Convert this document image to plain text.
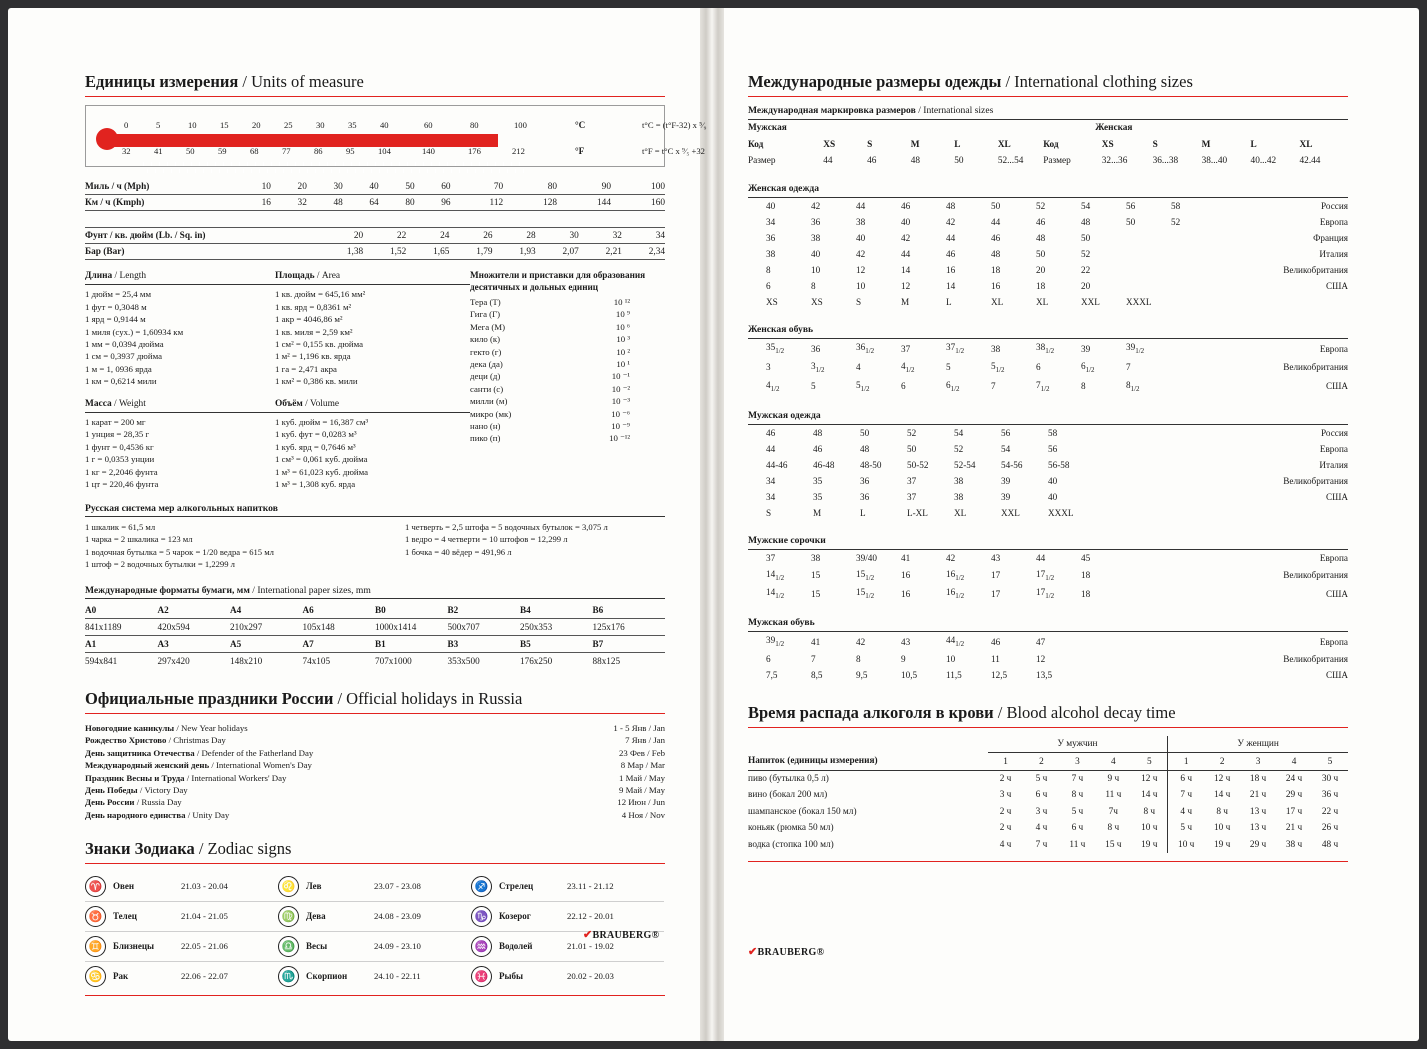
Единицы измерения / Units of measure
0	5	10	15	20	25	30	35	40	60	80	100
32	41	50	59	68	77	86	95	104	140	176	212
°C
°F
t°C = (t°F-32) x ⁵⁄₉
t°F = t°C x ⁹⁄₅ +32
Миль / ч (Mph)	10	20	30	40	50	60	70	80	90	100
Км / ч (Kmph)	16	32	48	64	80	96	112	128	144	160
Фунт / кв. дюйм (Lb. / Sq. in)	20	22	24	26	28	30	32	34
Бар (Bar)	1,38	1,52	1,65	1,79	1,93	2,07	2,21	2,34
Длина / Length
1 дюйм = 25,4 мм
1 фут = 0,3048 м
1 ярд = 0,9144 м
1 миля (сух.) = 1,60934 км
1 мм = 0,0394 дюйма
1 см = 0,3937 дюйма
1 м = 1, 0936 ярда
1 км = 0,6214 мили
Масса / Weight
1 карат = 200 мг
1 унция = 28,35 г
1 фунт = 0,4536 кг
1 г = 0,0353 унции
1 кг = 2,2046 фунта
1 цт = 220,46 фунта
Площадь / Area
1 кв. дюйм = 645,16 мм²
1 кв. ярд = 0,8361 м²
1 акр = 4046,86 м²
1 кв. миля = 2,59 км²
1 см² = 0,155 кв. дюйма
1 м² = 1,196 кв. ярда
1 га = 2,471 акра
1 км² = 0,386 кв. мили
Объём / Volume
1 куб. дюйм = 16,387 см³
1 куб. фут = 0,0283 м³
1 куб. ярд = 0,7646 м³
1 см³ = 0,061 куб. дюйма
1 м³ = 61,023 куб. дюйма
1 м³ = 1,308 куб. ярда
Множители и приставки для образования десятичных и дольных единиц
Тера (Т)	10 ¹²
Гига (Г)	10 ⁹
Мега (М)	10 ⁶
кило (к)	10 ³
гекто (г)	10 ²
дека (да)	10 ¹
деци (д)	10 ⁻¹
санти (с)	10 ⁻²
милли (м)	10 ⁻³
микро (мк)	10 ⁻⁶
нано (н)	10 ⁻⁹
пико (п)	10 ⁻¹²
Русская система мер алкогольных напитков
1 шкалик = 61,5 мл
1 чарка = 2 шкалика = 123 мл
1 водочная бутылка = 5 чарок = 1/20 ведра = 615 мл
1 штоф = 2 водочных бутылки = 1,2299 л
1 четверть = 2,5 штофа = 5 водочных бутылок = 3,075 л
1 ведро = 4 четверти = 10 штофов = 12,299 л
1 бочка = 40 вёдер = 491,96 л
Международные форматы бумаги, мм / International paper sizes, mm
A0	A2	A4	A6	B0	B2	B4	B6
841x1189	420x594	210x297	105x148	1000x1414	500x707	250x353	125x176
A1	A3	A5	A7	B1	B3	B5	B7
594x841	297x420	148x210	74x105	707x1000	353x500	176x250	88x125
Официальные праздники России / Official holidays in Russia
Новогодние каникулы / New Year holidays	1 - 5 Янв / Jan
Рождество Христово / Christmas Day	7 Янв / Jan
День защитника Отечества / Defender of the Fatherland Day	23 Фев / Feb
Международный женский день / International Women's Day	8 Мар / Mar
Праздник Весны и Труда / International Workers' Day	1 Май / May
День Победы / Victory Day	9 Май / May
День России / Russia Day	12 Июн / Jun
День народного единства / Unity Day	4 Ноя / Nov
Знаки Зодиака / Zodiac signs
♈	Овен	21.03 - 20.04
♉	Телец	21.04 - 21.05
♊	Близнецы	22.05 - 21.06
♋	Рак	22.06 - 22.07
♌	Лев	23.07 - 23.08
♍	Дева	24.08 - 23.09
♎	Весы	24.09 - 23.10
♏	Скорпион	24.10 - 22.11
♐	Стрелец	23.11 - 21.12
♑	Козерог	22.12 - 20.01
♒	Водолей	21.01 - 19.02
♓	Рыбы	20.02 - 20.03
✔BRAUBERG®
Международные размеры одежды / International clothing sizes
Международная маркировка размеров / International sizes
Мужская						Женская					
Код	XS	S	M	L	XL	Код	XS	S	M	L	XL
Размер	44	46	48	50	52...54	Размер	32...36	36...38	38...40	40...42	42.44
Женская одежда
	40	42	44	46	48	50	52	54	56	58	Россия
	34	36	38	40	42	44	46	48	50	52	Европа
	36	38	40	42	44	46	48	50			Франция
	38	40	42	44	46	48	50	52			Италия
	8	10	12	14	16	18	20	22			Великобритания
	6	8	10	12	14	16	18	20			США
	XS	XS	S	M	L	XL	XL	XXL	XXXL		
Женская обувь
	$35_{1/2}$	36	$36_{1/2}$	37	$37_{1/2}$	38	$38_{1/2}$	39	$39_{1/2}$	Европа
	3	$3_{1/2}$	4	$4_{1/2}$	5	$5_{1/2}$	6	$6_{1/2}$	7	Великобритания
	$4_{1/2}$	5	$5_{1/2}$	6	$6_{1/2}$	7	$7_{1/2}$	8	$8_{1/2}$	США
Мужская одежда
	46	48	50	52	54	56	58	Россия
	44	46	48	50	52	54	56	Европа
	44-46	46-48	48-50	50-52	52-54	54-56	56-58	Италия
	34	35	36	37	38	39	40	Великобритания
	34	35	36	37	38	39	40	США
	S	M	L	L-XL	XL	XXL	XXXL	
Мужские сорочки
	37	38	39/40	41	42	43	44	45	Европа
	$14_{1/2}$	15	$15_{1/2}$	16	$16_{1/2}$	17	$17_{1/2}$	18	Великобритания
	$14_{1/2}$	15	$15_{1/2}$	16	$16_{1/2}$	17	$17_{1/2}$	18	США
Мужская обувь
	$39_{1/2}$	41	42	43	$44_{1/2}$	46	47	Европа
	6	7	8	9	10	11	12	Великобритания
	7,5	8,5	9,5	10,5	11,5	12,5	13,5	США
Время распада алкоголя в крови / Blood alcohol decay time
	У мужчин					У женщин				
Напиток (единицы измерения)	1	2	3	4	5	1	2	3	4	5
пиво (бутылка 0,5 л)	2 ч	5 ч	7 ч	9 ч	12 ч	6 ч	12 ч	18 ч	24 ч	30 ч
вино (бокал 200 мл)	3 ч	6 ч	8 ч	11 ч	14 ч	7 ч	14 ч	21 ч	29 ч	36 ч
шампанское (бокал 150 мл)	2 ч	3 ч	5 ч	7ч	8 ч	4 ч	8 ч	13 ч	17 ч	22 ч
коньяк (рюмка 50 мл)	2 ч	4 ч	6 ч	8 ч	10 ч	5 ч	10 ч	13 ч	21 ч	26 ч
водка (стопка 100 мл)	4 ч	7 ч	11 ч	15 ч	19 ч	10 ч	19 ч	29 ч	38 ч	48 ч
✔BRAUBERG®
